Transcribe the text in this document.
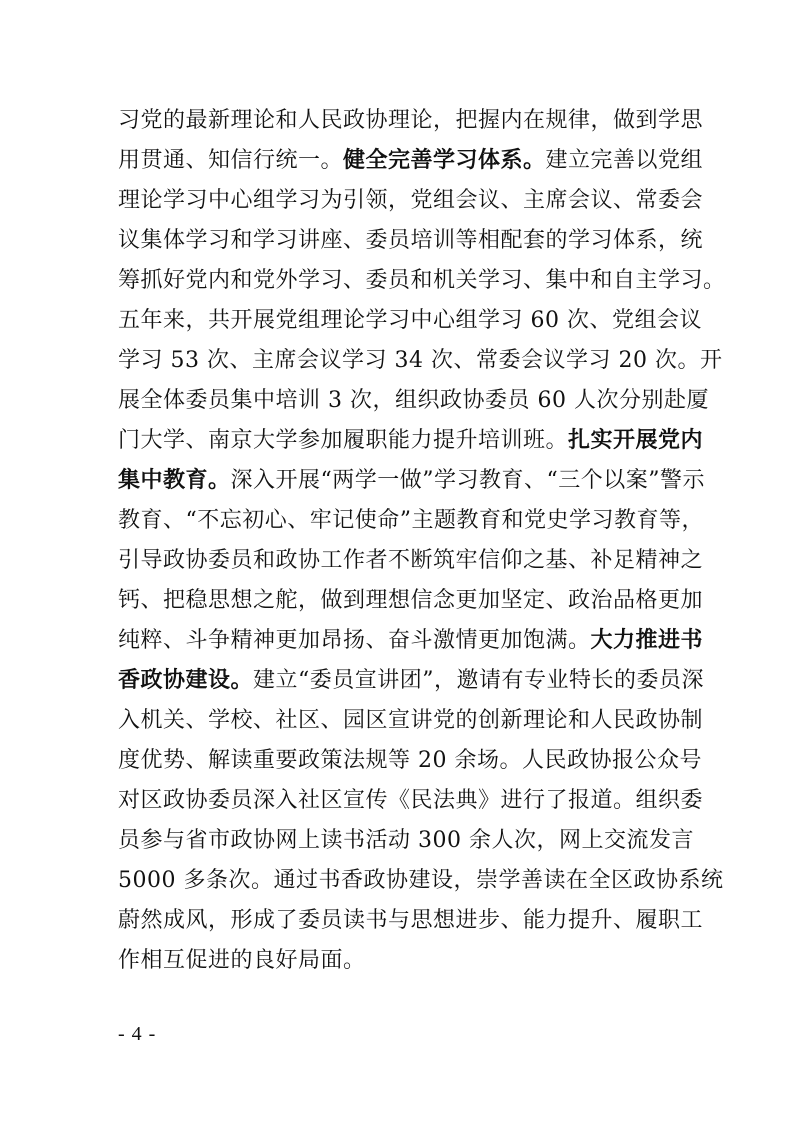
习党的最新理论和人民政协理论，把握内在规律，做到学思
用贯通、知信行统一。健全完善学习体系。建立完善以党组
理论学习中心组学习为引领，党组会议、主席会议、常委会
议集体学习和学习讲座、委员培训等相配套的学习体系，统
筹抓好党内和党外学习、委员和机关学习、集中和自主学习。
五年来，共开展党组理论学习中心组学习 60 次、党组会议
学习 53 次、主席会议学习 34 次、常委会议学习 20 次。开
展全体委员集中培训 3 次，组织政协委员 60 人次分别赴厦
门大学、南京大学参加履职能力提升培训班。扎实开展党内
集中教育。深入开展“两学一做”学习教育、“三个以案”警示
教育、“不忘初心、牢记使命”主题教育和党史学习教育等，
引导政协委员和政协工作者不断筑牢信仰之基、补足精神之
钙、把稳思想之舵，做到理想信念更加坚定、政治品格更加
纯粹、斗争精神更加昂扬、奋斗激情更加饱满。大力推进书
香政协建设。建立“委员宣讲团”，邀请有专业特长的委员深
入机关、学校、社区、园区宣讲党的创新理论和人民政协制
度优势、解读重要政策法规等 20 余场。人民政协报公众号
对区政协委员深入社区宣传《民法典》进行了报道。组织委
员参与省市政协网上读书活动 300 余人次，网上交流发言
5000 多条次。通过书香政协建设，崇学善读在全区政协系统
蔚然成风，形成了委员读书与思想进步、能力提升、履职工
作相互促进的良好局面。
- 4 -
